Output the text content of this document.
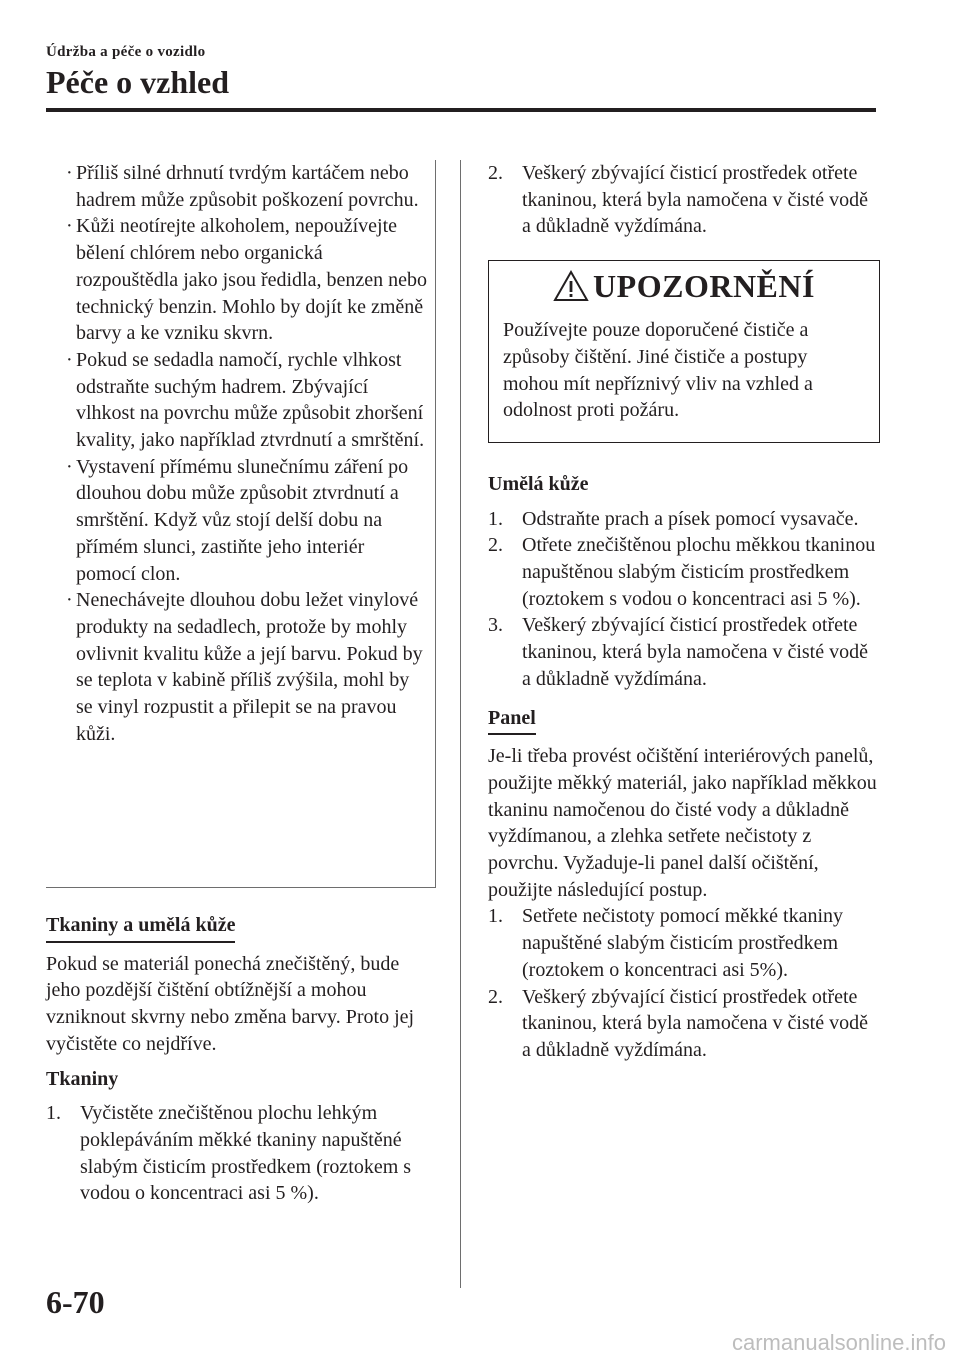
Údržba a péče o vozidlo
Péče o vzhled
· Příliš silné drhnutí tvrdým kartáčem nebo hadrem může způsobit poškození povrchu.
· Kůži neotírejte alkoholem, nepoužívejte bělení chlórem nebo organická rozpouštědla jako jsou ředidla, benzen nebo technický benzin. Mohlo by dojít ke změně barvy a ke vzniku skvrn.
· Pokud se sedadla namočí, rychle vlhkost odstraňte suchým hadrem. Zbývající vlhkost na povrchu může způsobit zhoršení kvality, jako například ztvrdnutí a smrštění.
· Vystavení přímému slunečnímu záření po dlouhou dobu může způsobit ztvrdnutí a smrštění. Když vůz stojí delší dobu na přímém slunci, zastiňte jeho interiér pomocí clon.
· Nenechávejte dlouhou dobu ležet vinylové produkty na sedadlech, protože by mohly ovlivnit kvalitu kůže a její barvu. Pokud by se teplota v kabině příliš zvýšila, mohl by se vinyl rozpustit a přilepit se na pravou kůži.
Tkaniny a umělá kůže
Pokud se materiál ponechá znečištěný, bude jeho pozdější čištění obtížnější a mohou vzniknout skvrny nebo změna barvy. Proto jej vyčistěte co nejdříve.
Tkaniny
1. Vyčistěte znečištěnou plochu lehkým poklepáváním měkké tkaniny napuštěné slabým čisticím prostředkem (roztokem s vodou o koncentraci asi 5 %).
2. Veškerý zbývající čisticí prostředek otřete tkaninou, která byla namočena v čisté vodě a důkladně vyždímána.
UPOZORNĚNÍ
Používejte pouze doporučené čističe a způsoby čištění. Jiné čističe a postupy mohou mít nepříznivý vliv na vzhled a odolnost proti požáru.
Umělá kůže
1. Odstraňte prach a písek pomocí vysavače.
2. Otřete znečištěnou plochu měkkou tkaninou napuštěnou slabým čisticím prostředkem (roztokem s vodou o koncentraci asi 5 %).
3. Veškerý zbývající čisticí prostředek otřete tkaninou, která byla namočena v čisté vodě a důkladně vyždímána.
Panel
Je-li třeba provést očištění interiérových panelů, použijte měkký materiál, jako například měkkou tkaninu namočenou do čisté vody a důkladně vyždímanou, a zlehka setřete nečistoty z povrchu. Vyžaduje-li panel další očištění, použijte následující postup.
1. Setřete nečistoty pomocí měkké tkaniny napuštěné slabým čisticím prostředkem (roztokem o koncentraci asi 5%).
2. Veškerý zbývající čisticí prostředek otřete tkaninou, která byla namočena v čisté vodě a důkladně vyždímána.
6-70
carmanualsonline.info
